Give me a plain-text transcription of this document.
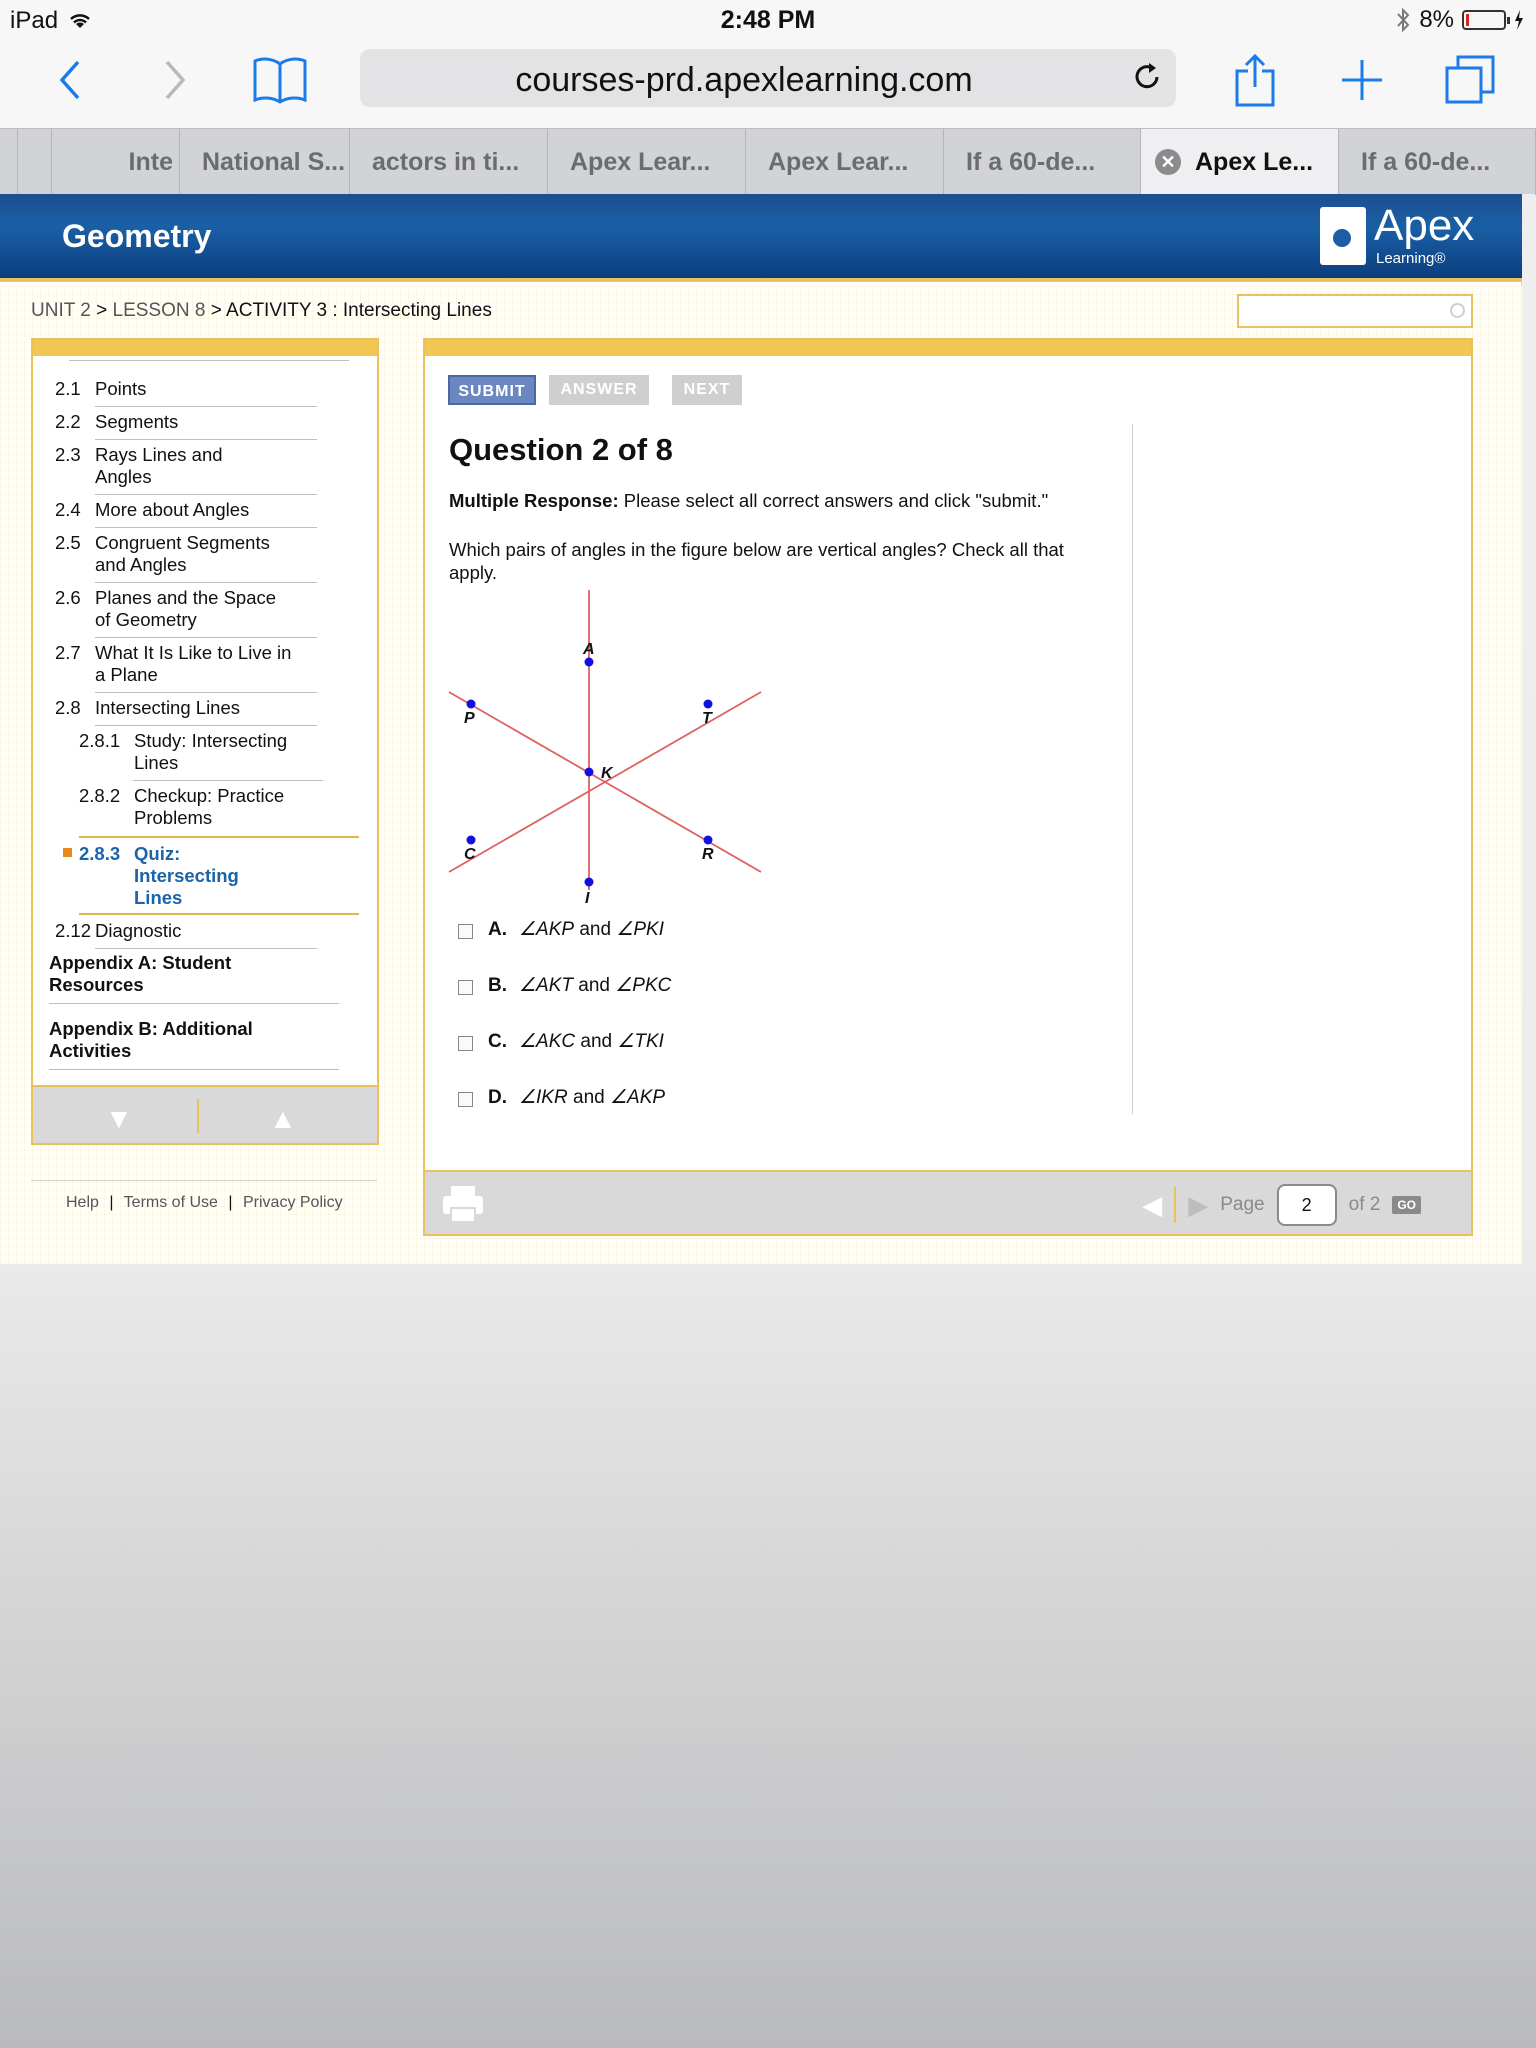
iPad	2:48 PM	8%
courses-prd.apexlearning.com
Inte National S... actors in ti... Apex Lear... Apex Lear... If a 60-de...	✕ Apex Le... If a 60-de...
Geometry	Apex
Learning®
UNIT 2 > LESSON 8 > ACTIVITY 3 : Intersecting Lines
2.1 Points
2.2 Segments
2.3 Rays Lines and Angles
2.4 More about Angles
2.5 Congruent Segments and Angles
2.6 Planes and the Space of Geometry
2.7 What It Is Like to Live in a Plane
2.8 Intersecting Lines
2.8.1 Study: Intersecting Lines
2.8.2 Checkup: Practice Problems
2.8.3 Quiz: Intersecting Lines
2.12 Diagnostic
Appendix A: Student Resources
Appendix B: Additional Activities
▼	▲
Help | Terms of Use | Privacy Policy
SUBMIT	ANSWER	NEXT
Question 2 of 8
Multiple Response: Please select all correct answers and click "submit."
Which pairs of angles in the figure below are vertical angles? Check all that apply.
A
P	T
K
C	R
I
A. ∠AKP
and
∠PKI
B. ∠AKT
and
∠PKC
C. ∠AKC
and
∠TKI
D. ∠IKR
and
∠AKP
◀ ▶ Page	2	of 2	GO
